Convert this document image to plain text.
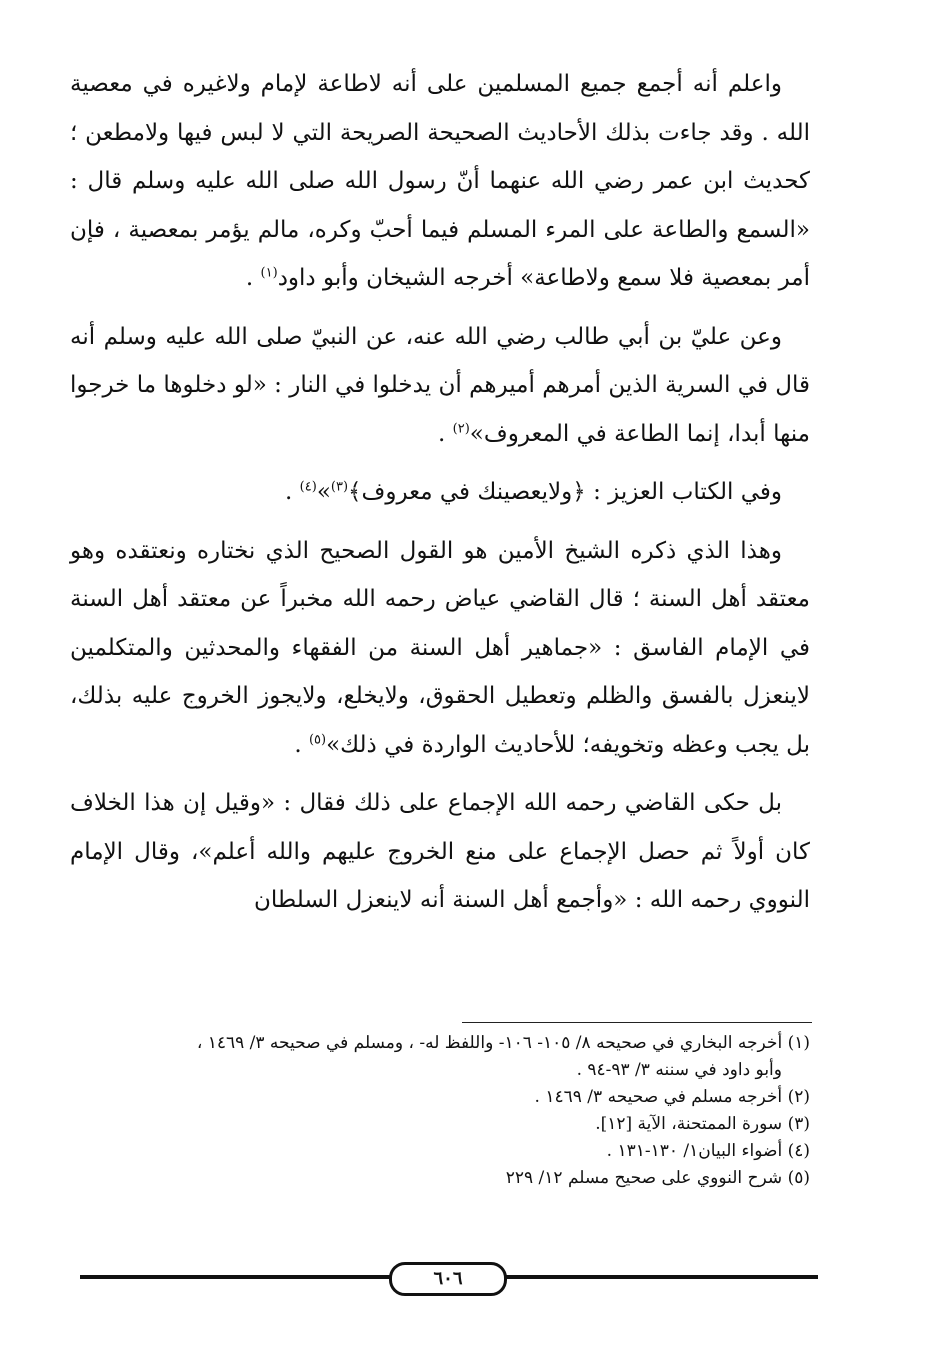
واعلم أنه أجمع جميع المسلمين على أنه لاطاعة لإمام ولاغيره في معصية الله . وقد جاءت بذلك الأحاديث الصحيحة الصريحة التي لا لبس فيها ولامطعن ؛ كحديث ابن عمر رضي الله عنهما أنّ رسول الله صلى الله عليه وسلم قال : «السمع والطاعة على المرء المسلم فيما أحبّ وكره، مالم يؤمر بمعصية ، فإن أمر بمعصية فلا سمع ولاطاعة» أخرجه الشيخان وأبو داود$^{(١)}$ .

وعن عليّ بن أبي طالب رضي الله عنه، عن النبيّ صلى الله عليه وسلم أنه قال في السرية الذين أمرهم أميرهم أن يدخلوا في النار : «لو دخلوها ما خرجوا منها أبدا، إنما الطاعة في المعروف»$^{(٢)}$ .

وفي الكتاب العزيز : ﴿ولايعصينك في معروف﴾$^{(٣)}$»$^{(٤)}$ .

وهذا الذي ذكره الشيخ الأمين هو القول الصحيح الذي نختاره ونعتقده وهو معتقد أهل السنة ؛ قال القاضي عياض رحمه الله مخبراً عن معتقد أهل السنة في الإمام الفاسق : «جماهير أهل السنة من الفقهاء والمحدثين والمتكلمين لاينعزل بالفسق والظلم وتعطيل الحقوق، ولايخلع، ولايجوز الخروج عليه بذلك، بل يجب وعظه وتخويفه؛ للأحاديث الواردة في ذلك»$^{(٥)}$ .

بل حكى القاضي رحمه الله الإجماع على ذلك فقال : «وقيل إن هذا الخلاف كان أولاً ثم حصل الإجماع على منع الخروج عليهم والله أعلم»، وقال الإمام النووي رحمه الله : «وأجمع أهل السنة أنه لاينعزل السلطان

(١) أخرجه البخاري في صحيحه ٨/ ١٠٥- ١٠٦- واللفظ له- ، ومسلم في صحيحه ٣/ ١٤٦٩ ،
وأبو داود في سننه ٣/ ٩٣-٩٤ .

(٢) أخرجه مسلم في صحيحه ٣/ ١٤٦٩ .

(٣) سورة الممتحنة، الآية [١٢].

(٤) أضواء البيان١/ ١٣٠-١٣١ .

(٥) شرح النووي على صحيح مسلم ١٢/ ٢٢٩

٦٠٦
